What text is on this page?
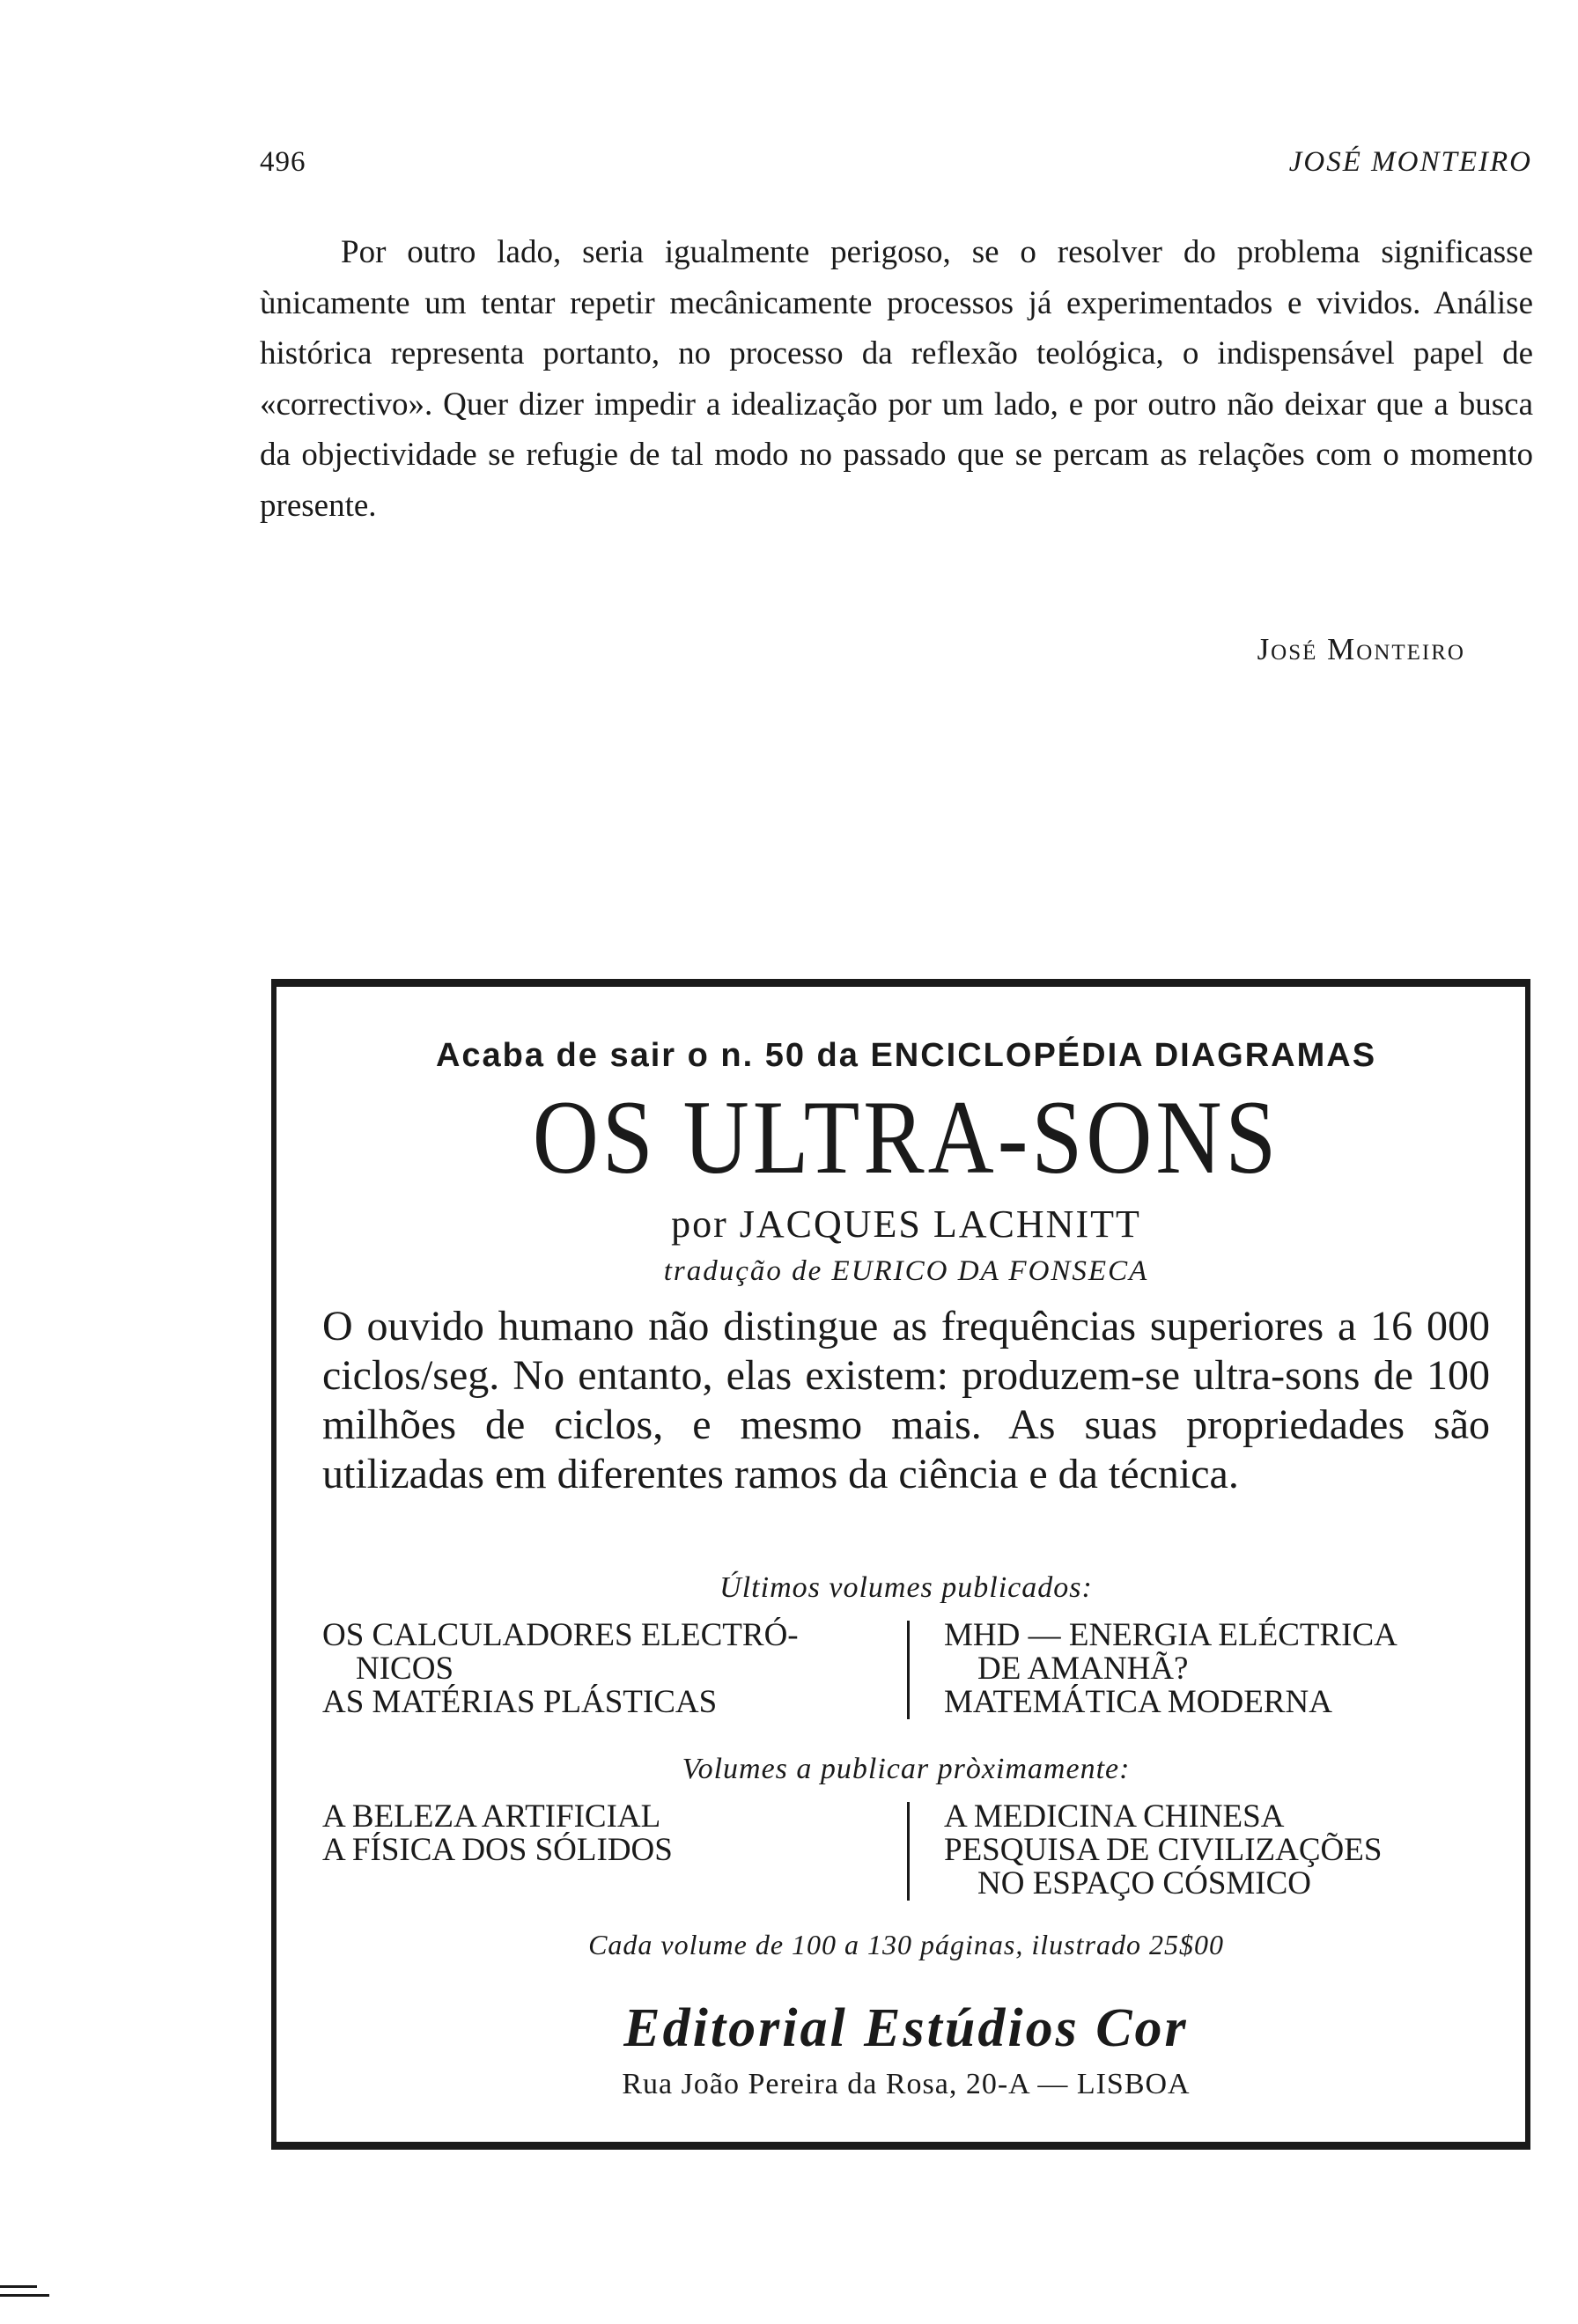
496	JOSÉ MONTEIRO

Por outro lado, seria igualmente perigoso, se o resolver do problema significasse ùnicamente um tentar repetir mecânicamente processos já experimentados e vividos. Análise histórica representa portanto, no processo da reflexão teológica, o indispensável papel de «correctivo». Quer dizer impedir a idealização por um lado, e por outro não deixar que a busca da objectividade se refugie de tal modo no passado que se percam as relações com o momento presente.

José Monteiro
Acaba de sair o n. 50 da ENCICLOPÉDIA DIAGRAMAS
OS ULTRA-SONS
por JACQUES LACHNITT
tradução de EURICO DA FONSECA
O ouvido humano não distingue as frequências superiores a 16 000 ciclos/seg. No entanto, elas existem: produzem-se ultra-sons de 100 milhões de ciclos, e mesmo mais. As suas propriedades são utilizadas em diferentes ramos da ciência e da técnica.
Últimos volumes publicados:
OS CALCULADORES ELECTRÓ-
NICOS
AS MATÉRIAS PLÁSTICAS
MHD — ENERGIA ELÉCTRICA
DE AMANHÃ?
MATEMÁTICA MODERNA
Volumes a publicar pròximamente:
A BELEZA ARTIFICIAL
A FÍSICA DOS SÓLIDOS
A MEDICINA CHINESA
PESQUISA DE CIVILIZAÇÕES
NO ESPAÇO CÓSMICO
Cada volume de 100 a 130 páginas, ilustrado 25$00
Editorial Estúdios Cor
Rua João Pereira da Rosa, 20-A — LISBOA
